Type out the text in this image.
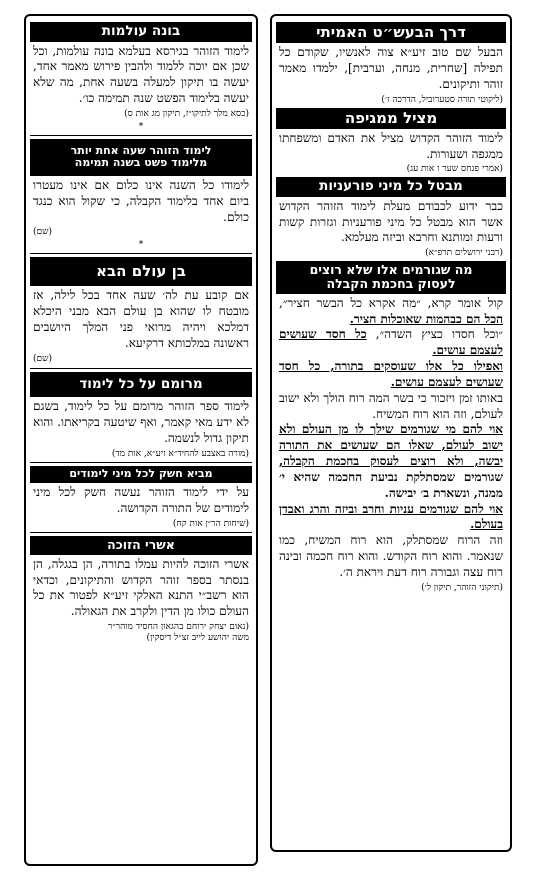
בונה עולמות
לימוד הזוהר בגירסא בעלמא בונה עולמות, וכל שכן אם יוכה ללמוד ולהבין פירוש מאמר אחד, יעשה בו תיקון למעלה בשעה אחת, מה שלא יעשה בלימוד הפשט שנה תמימה כו׳.
(כסא מלך לתיקו״ז, תיקון מג אות ס)
*
לימוד הזוהר שעה אחת יותר
מלימוד פשט בשנה תמימה
לימודו כל השנה אינו כלום אם אינו מעטרו ביום אחד בלימוד הקבלה, כי שקול הוא כנגד כולם.
(שם)
*
בן עולם הבא
אם קובע עת לה׳ שעה אחד בכל לילה, אז מובטח לו שהוא בן עולם הבא מבני היכלא דמלכא ויהיה מרואי פני המלך היושבים ראשונה במלכותא דרקיעא.
(שם)
מרומם על כל לימוד
לימוד ספר הזוהר מרומם על כל לימוד, בשגם לא ידע מאי קאמר, ואף שיטעה בקריאתו. והוא תיקון גדול לנשמה.
(מורה באצבע להחיד״א זיע״א, אות מד)
מביא חשק לכל מיני לימודים
על ידי לימוד הזוהר נעשה חשק לכל מיני לימודים של התורה הקדושה.
(שיחות הר״ן אות קח)
אשרי הזוכה
אשרי הזוכה להיות עמלו בתורה, הן בגגלה, הן בנסתר בספר זוהר הקדוש והתיקונים, וכדאי הוא רשב״י התנא האלקי זיע״א לפטור את כל העולם כולו מן הדין ולקרב את הגאולה.
(נאום יצחק ירוחם בהגאון החסיד מוהר״ר
משה יהושע לייב זצ״ל דיסקין)
דרך הבעש״ט האמיתי
הבעל שם טוב זיע״א צוה לאנשיו, שקודם כל תפילה [שחרית, מנחה, וערבית], ילמדו מאמר זוהר ותיקונים.
(ליקוטי תורה סטערוביל, הדרכה ז׳)
מציל ממגיפה
לימוד הזוהר הקדוש מציל את האדם ומשפחתו ממגפה ושעורות.
(אמרי פנחס שער ו אות עג)
מבטל כל מיני פורעניות
כבר ידוע לכבודם מעלת לימוד הזוהר הקדוש אשר הוא מבטל כל מיני פורעניות וגזרות קשות ורעות ומותנא וחרבא וביזה מעלמא.
(רבני ירושלים תרפ״א)
מה שגורמים אלו שלא רוצים
לעסוק בחכמת הקבלה

קול אומר קרא, ״מה אקרא כל הבשר חציר״, הכל הם כבהמות שאוכלות חציר.

״וכל חסדו כציץ השדה״, כל חסד שעושים לעצמם עושים.

ואפילו כל אלו שעוסקים בתורה, כל חסד שעושים לעצמם עושים.

באותו זמן ויזכור כי בשר המה רוח הולך ולא ישוב לעולם, וזה הוא רוח המשיח.

אוי להם מי שגורמים שילך לו מן העולם ולא ישוב לעולם, שאלו הם שעושים את התורה יבשה, ולא רוצים לעסוק בחכמת הקבלה, שגורמים שמסתלקת נביעת החכמה שהיא י׳ ממנה, ונשארת ב׳ יבישה.

אוי להם שגורמים עניות וחרב וביזה והרג ואבדן בעולם.

וזה הרוח שמסתלק, הוא רוח המשיח, כמו שנאמר. והוא רוח הקודש. והוא רוח חכמה ובינה רוח עצה וגבורה רוח דעת ויראת ה׳.

(תיקוני הזוהר, תיקון ל׳)
